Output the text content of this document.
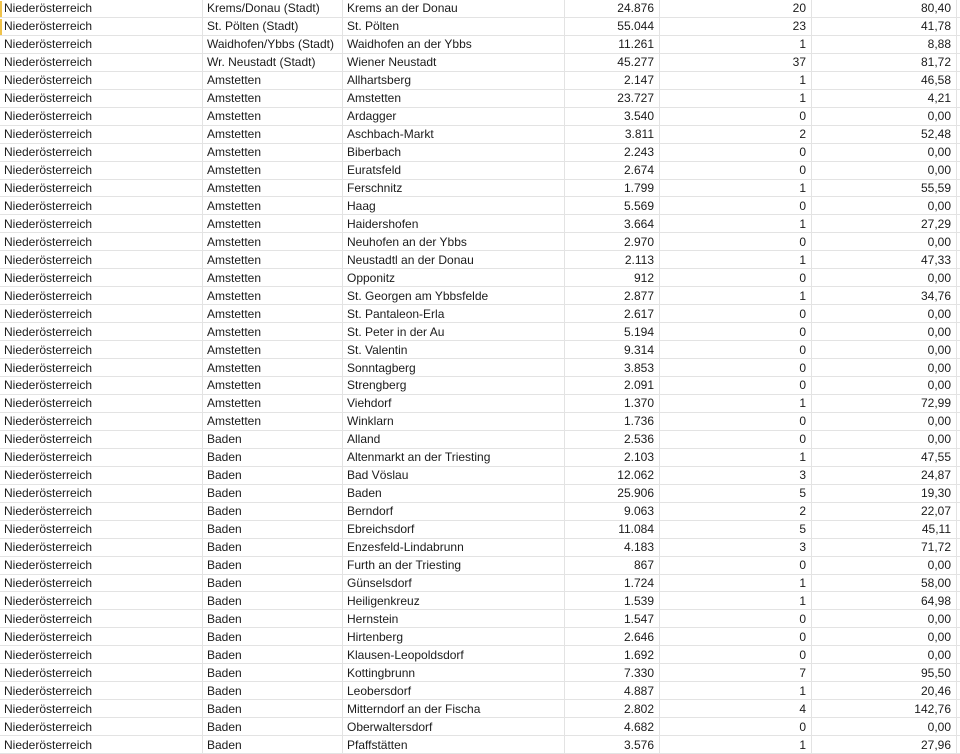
Niederösterreich	Krems/Donau (Stadt)	Krems an der Donau	24.876	20	80,40
Niederösterreich	St. Pölten (Stadt)	St. Pölten	55.044	23	41,78
Niederösterreich	Waidhofen/Ybbs (Stadt)	Waidhofen an der Ybbs	11.261	1	8,88
Niederösterreich	Wr. Neustadt (Stadt)	Wiener Neustadt	45.277	37	81,72
Niederösterreich	Amstetten	Allhartsberg	2.147	1	46,58
Niederösterreich	Amstetten	Amstetten	23.727	1	4,21
Niederösterreich	Amstetten	Ardagger	3.540	0	0,00
Niederösterreich	Amstetten	Aschbach-Markt	3.811	2	52,48
Niederösterreich	Amstetten	Biberbach	2.243	0	0,00
Niederösterreich	Amstetten	Euratsfeld	2.674	0	0,00
Niederösterreich	Amstetten	Ferschnitz	1.799	1	55,59
Niederösterreich	Amstetten	Haag	5.569	0	0,00
Niederösterreich	Amstetten	Haidershofen	3.664	1	27,29
Niederösterreich	Amstetten	Neuhofen an der Ybbs	2.970	0	0,00
Niederösterreich	Amstetten	Neustadtl an der Donau	2.113	1	47,33
Niederösterreich	Amstetten	Opponitz	912	0	0,00
Niederösterreich	Amstetten	St. Georgen am Ybbsfelde	2.877	1	34,76
Niederösterreich	Amstetten	St. Pantaleon-Erla	2.617	0	0,00
Niederösterreich	Amstetten	St. Peter in der Au	5.194	0	0,00
Niederösterreich	Amstetten	St. Valentin	9.314	0	0,00
Niederösterreich	Amstetten	Sonntagberg	3.853	0	0,00
Niederösterreich	Amstetten	Strengberg	2.091	0	0,00
Niederösterreich	Amstetten	Viehdorf	1.370	1	72,99
Niederösterreich	Amstetten	Winklarn	1.736	0	0,00
Niederösterreich	Baden	Alland	2.536	0	0,00
Niederösterreich	Baden	Altenmarkt an der Triesting	2.103	1	47,55
Niederösterreich	Baden	Bad Vöslau	12.062	3	24,87
Niederösterreich	Baden	Baden	25.906	5	19,30
Niederösterreich	Baden	Berndorf	9.063	2	22,07
Niederösterreich	Baden	Ebreichsdorf	11.084	5	45,11
Niederösterreich	Baden	Enzesfeld-Lindabrunn	4.183	3	71,72
Niederösterreich	Baden	Furth an der Triesting	867	0	0,00
Niederösterreich	Baden	Günselsdorf	1.724	1	58,00
Niederösterreich	Baden	Heiligenkreuz	1.539	1	64,98
Niederösterreich	Baden	Hernstein	1.547	0	0,00
Niederösterreich	Baden	Hirtenberg	2.646	0	0,00
Niederösterreich	Baden	Klausen-Leopoldsdorf	1.692	0	0,00
Niederösterreich	Baden	Kottingbrunn	7.330	7	95,50
Niederösterreich	Baden	Leobersdorf	4.887	1	20,46
Niederösterreich	Baden	Mitterndorf an der Fischa	2.802	4	142,76
Niederösterreich	Baden	Oberwaltersdorf	4.682	0	0,00
Niederösterreich	Baden	Pfaffstätten	3.576	1	27,96
